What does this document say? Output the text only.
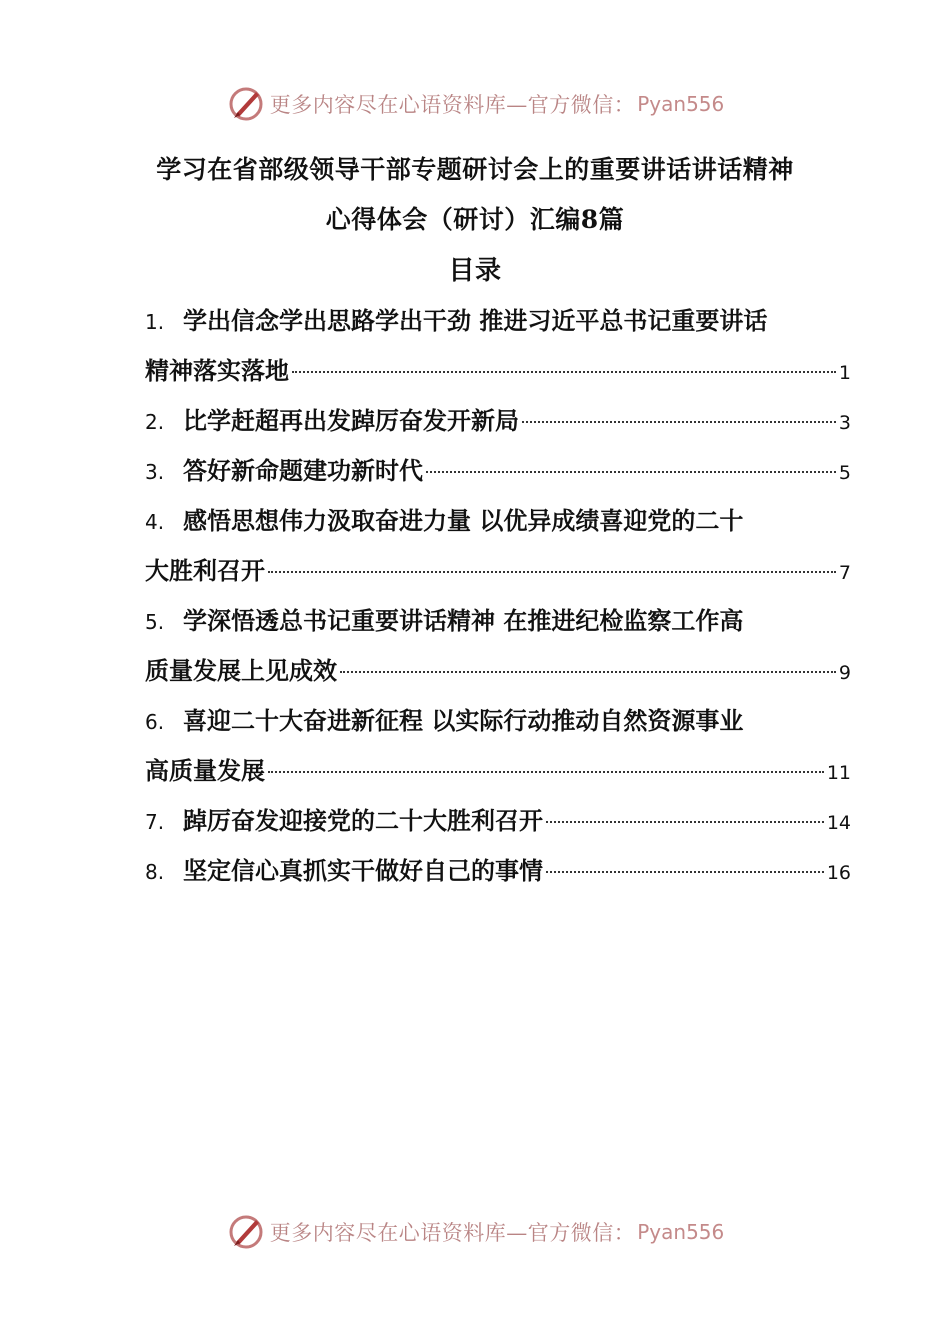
更多内容尽在心语资料库—官方微信： Pyan556
学习在省部级领导干部专题研讨会上的重要讲话讲话精神
心得体会（研讨）汇编8篇
目录
1. 学出信念学出思路学出干劲 推进习近平总书记重要讲话
精神落实落地	1
2. 比学赶超再出发踔厉奋发开新局	3
3. 答好新命题建功新时代	5
4. 感悟思想伟力汲取奋进力量 以优异成绩喜迎党的二十
大胜利召开	7
5. 学深悟透总书记重要讲话精神 在推进纪检监察工作高
质量发展上见成效	9
6. 喜迎二十大奋进新征程 以实际行动推动自然资源事业
高质量发展	11
7. 踔厉奋发迎接党的二十大胜利召开	14
8. 坚定信心真抓实干做好自己的事情	16
更多内容尽在心语资料库—官方微信： Pyan556
